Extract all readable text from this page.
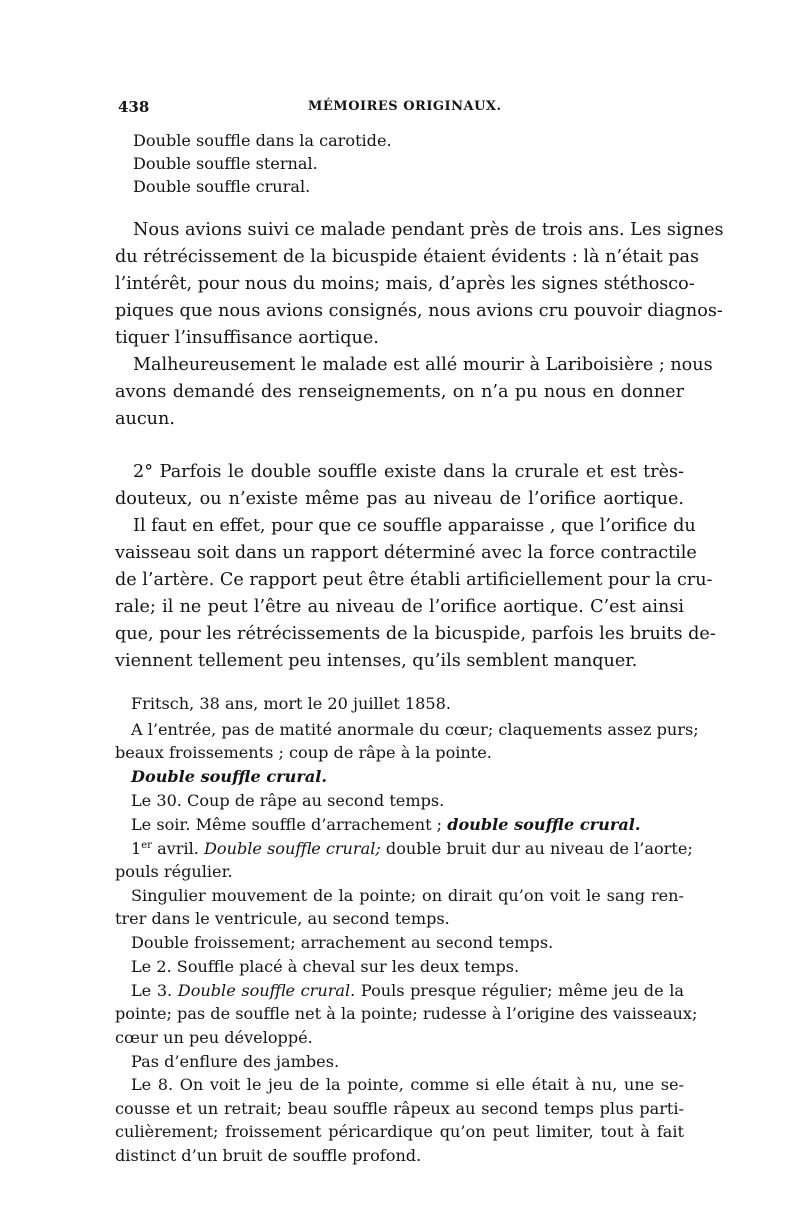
438	MÉMOIRES ORIGINAUX.
Double souffle dans la carotide.
Double souffle sternal.
Double souffle crural.
Nous avions suivi ce malade pendant près de trois ans. Les signes
du rétrécissement de la bicuspide étaient évidents : là n’était pas
l’intérêt, pour nous du moins; mais, d’après les signes stéthosco-
piques que nous avions consignés, nous avions cru pouvoir diagnos-
tiquer l’insuffisance aortique.
Malheureusement le malade est allé mourir à Lariboisière ; nous
avons demandé des renseignements, on n’a pu nous en donner
aucun.
2° Parfois le double souffle existe dans la crurale et est très-
douteux, ou n’existe même pas au niveau de l’orifice aortique.
Il faut en effet, pour que ce souffle apparaisse , que l’orifice du
vaisseau soit dans un rapport déterminé avec la force contractile
de l’artère. Ce rapport peut être établi artificiellement pour la cru-
rale; il ne peut l’être au niveau de l’orifice aortique. C’est ainsi
que, pour les rétrécissements de la bicuspide, parfois les bruits de-
viennent tellement peu intenses, qu’ils semblent manquer.
Fritsch, 38 ans, mort le 20 juillet 1858.
A l’entrée, pas de matité anormale du cœur; claquements assez purs;
beaux froissements ; coup de râpe à la pointe.
Double souffle crural.
Le 30. Coup de râpe au second temps.
Le soir. Même souffle d’arrachement ; double souffle crural.
1er avril. Double souffle crural; double bruit dur au niveau de l’aorte;
pouls régulier.
Singulier mouvement de la pointe; on dirait qu’on voit le sang ren-
trer dans le ventricule, au second temps.
Double froissement; arrachement au second temps.
Le 2. Souffle placé à cheval sur les deux temps.
Le 3. Double souffle crural. Pouls presque régulier; même jeu de la
pointe; pas de souffle net à la pointe; rudesse à l’origine des vaisseaux;
cœur un peu développé.
Pas d’enflure des jambes.
Le 8. On voit le jeu de la pointe, comme si elle était à nu, une se-
cousse et un retrait; beau souffle râpeux au second temps plus parti-
culièrement; froissement péricardique qu’on peut limiter, tout à fait
distinct d’un bruit de souffle profond.
